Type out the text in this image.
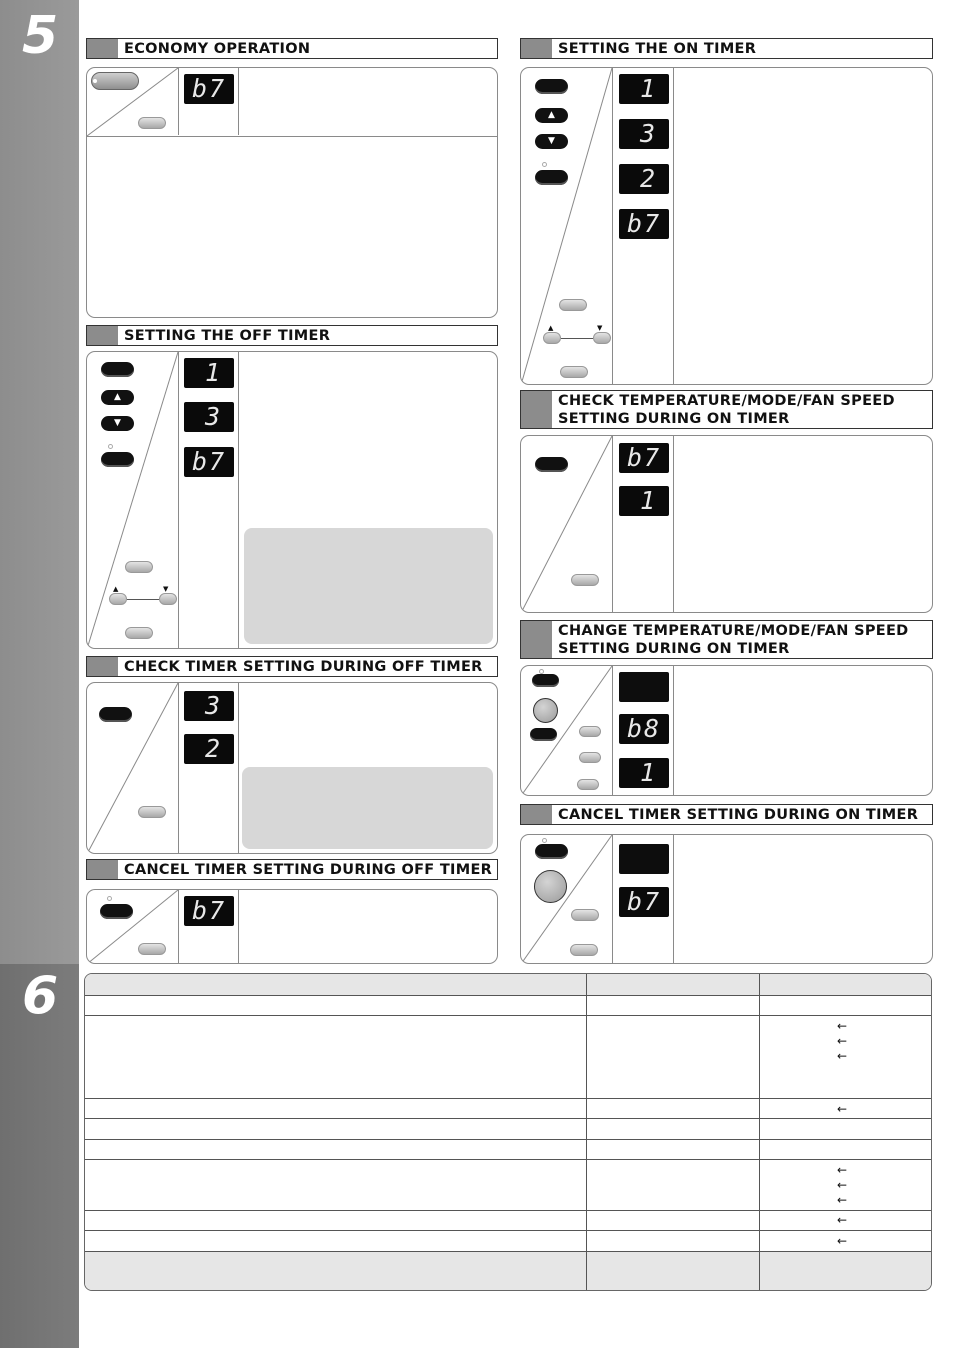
5
6
ECONOMY OPERATION
b7
SETTING THE OFF TIMER
▲
▼
▲	▼
1
3
b7
CHECK TIMER SETTING DURING OFF TIMER
3
2
CANCEL TIMER SETTING DURING OFF TIMER
b7
SETTING THE ON TIMER
▲
▼
▲	▼
1
3
2
b7
CHECK TEMPERATURE/MODE/FAN SPEED
SETTING DURING ON TIMER
b7
1
CHANGE TEMPERATURE/MODE/FAN SPEED
SETTING DURING ON TIMER
b8
1
CANCEL TIMER SETTING DURING ON TIMER
b7
←
←
←
←
←
←
←
←
←
